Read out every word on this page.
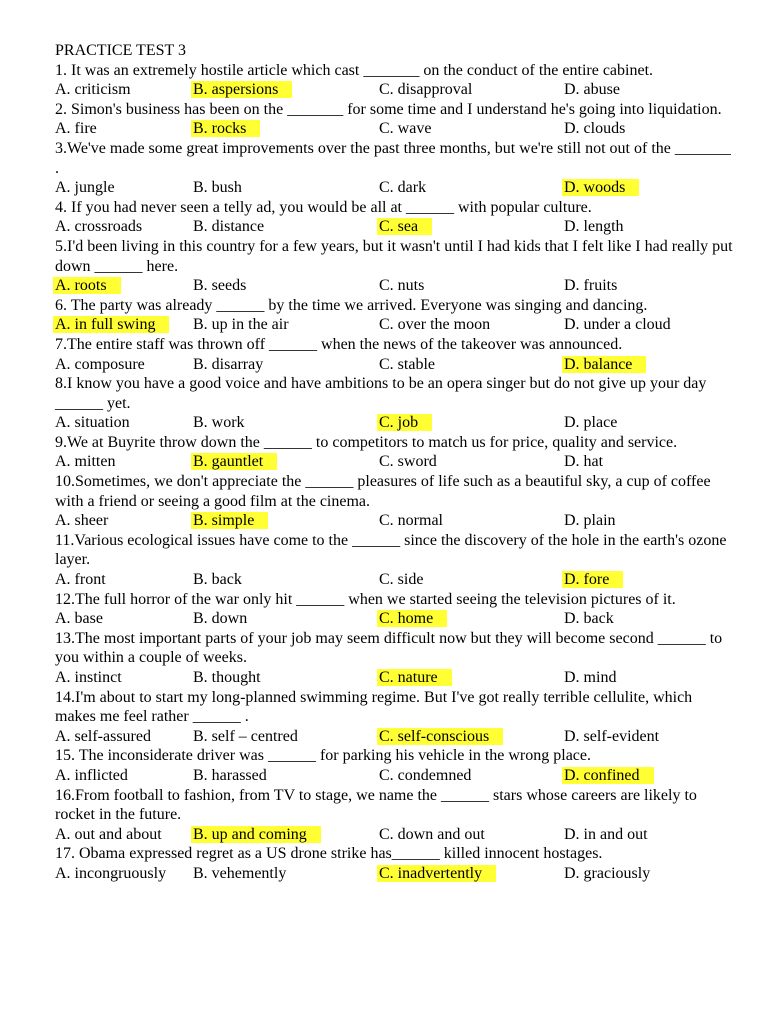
PRACTICE TEST 3
1. It was an extremely hostile article which cast _______ on the conduct of the entire cabinet.
A. criticism	B. aspersions	C. disapproval	D. abuse
2. Simon's business has been on the _______ for some time and I understand he's going into liquidation.
A. fire	B. rocks	C. wave	D. clouds
3.We've made some great improvements over the past three months, but we're still not out of the _______ .
A. jungle	B. bush	C. dark	D. woods
4. If you had never seen a telly ad, you would be all at ______ with popular culture.
A. crossroads	B. distance	C. sea	D. length
5.I'd been living in this country for a few years, but it wasn't until I had kids that I felt like I had really put down ______ here.
A. roots	B. seeds	C. nuts	D. fruits
6. The party was already ______ by the time we arrived. Everyone was singing and dancing.
A. in full swing	B. up in the air	C. over the moon	D. under a cloud
7.The entire staff was thrown off ______ when the news of the takeover was announced.
A. composure	B. disarray	C. stable	D. balance
8.I know you have a good voice and have ambitions to be an opera singer but do not give up your day ______ yet.
A. situation	B. work	C. job	D. place
9.We at Buyrite throw down the ______ to competitors to match us for price, quality and service.
A. mitten	B. gauntlet	C. sword	D. hat
10.Sometimes, we don't appreciate the ______ pleasures of life such as a beautiful sky, a cup of coffee with a friend or seeing a good film at the cinema.
A. sheer	B. simple	C. normal	D. plain
11.Various ecological issues have come to the ______ since the discovery of the hole in the earth's ozone layer.
A. front	B. back	C. side	D. fore
12.The full horror of the war only hit ______ when we started seeing the television pictures of it.
A. base	B. down	C. home	D. back
13.The most important parts of your job may seem difficult now but they will become second ______ to you within a couple of weeks.
A. instinct	B. thought	C. nature	D. mind
14.I'm about to start my long-planned swimming regime. But I've got really terrible cellulite, which makes me feel rather ______ .
A. self-assured	B. self – centred	C. self-conscious	D. self-evident
15. The inconsiderate driver was ______ for parking his vehicle in the wrong place.
A. inflicted	B. harassed	C. condemned	D. confined
16.From football to fashion, from TV to stage, we name the ______ stars whose careers are likely to rocket in the future.
A. out and about B. up and coming	C. down and out	D. in and out
17. Obama expressed regret as a US drone strike has______ killed innocent hostages.
A. incongruously B. vehemently	C. inadvertently	D. graciously
